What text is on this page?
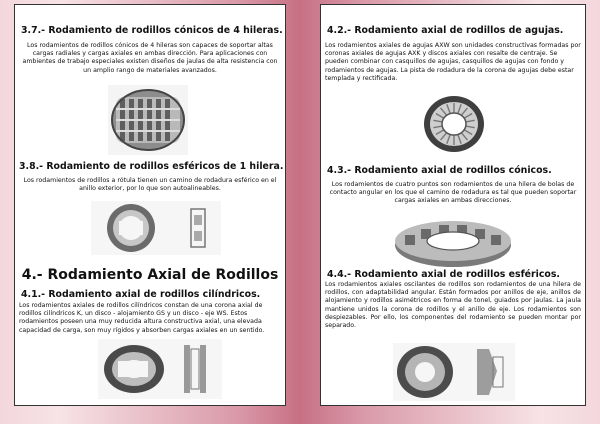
3.7.- Rodamiento de rodillos cónicos de 4 hileras.

Los rodamientos de rodillos cónicos de 4 hileras son capaces de soportar altas cargas radiales y cargas axiales en ambas dirección. Para aplicaciones con ambientes de trabajo especiales existen diseños de jaulas de alta resistencia con un amplio rango de materiales avanzados.

3.8.- Rodamiento de rodillos esféricos de 1 hilera.

Los rodamientos de rodillos a rótula tienen un camino de rodadura esférico en el anillo exterior, por lo que son autoalineables.

4.- Rodamiento Axial de Rodillos
4.1.- Rodamiento axial de rodillos cilíndricos.

Los rodamientos axiales de rodillos cilíndricos constan de una corona axial de rodillos cilíndricos K, un disco - alojamiento GS y un disco - eje WS. Estos rodamientos poseen una muy reducida altura constructiva axial, una elevada capacidad de carga, son muy rígidos y absorben cargas axiales en un sentido.

4.2.- Rodamiento axial de rodillos de agujas.

Los rodamientos axiales de agujas AXW son unidades constructivas formadas por coronas axiales de agujas AXK y discos axiales con resalte de centraje. Se pueden combinar con casquillos de agujas, casquillos de agujas con fondo y rodamientos de agujas. La pista de rodadura de la corona de agujas debe estar templada y rectificada.

4.3.- Rodamiento axial de rodillos cónicos.

Los rodamientos de cuatro puntos son rodamientos de una hilera de bolas de contacto angular en los que el camino de rodadura es tal que pueden soportar cargas axiales en ambas direcciones.

4.4.- Rodamiento axial de rodillos esféricos.

Los rodamientos axiales oscilantes de rodillos son rodamientos de una hilera de rodillos, con adaptabilidad angular. Están formados por anillos de eje, anillos de alojamiento y rodillos asimétricos en forma de tonel, guiados por jaulas. La jaula mantiene unidos la corona de rodillos y el anillo de eje. Los rodamientos son despiezables. Por ello, los componentes del rodamiento se pueden montar por separado.
